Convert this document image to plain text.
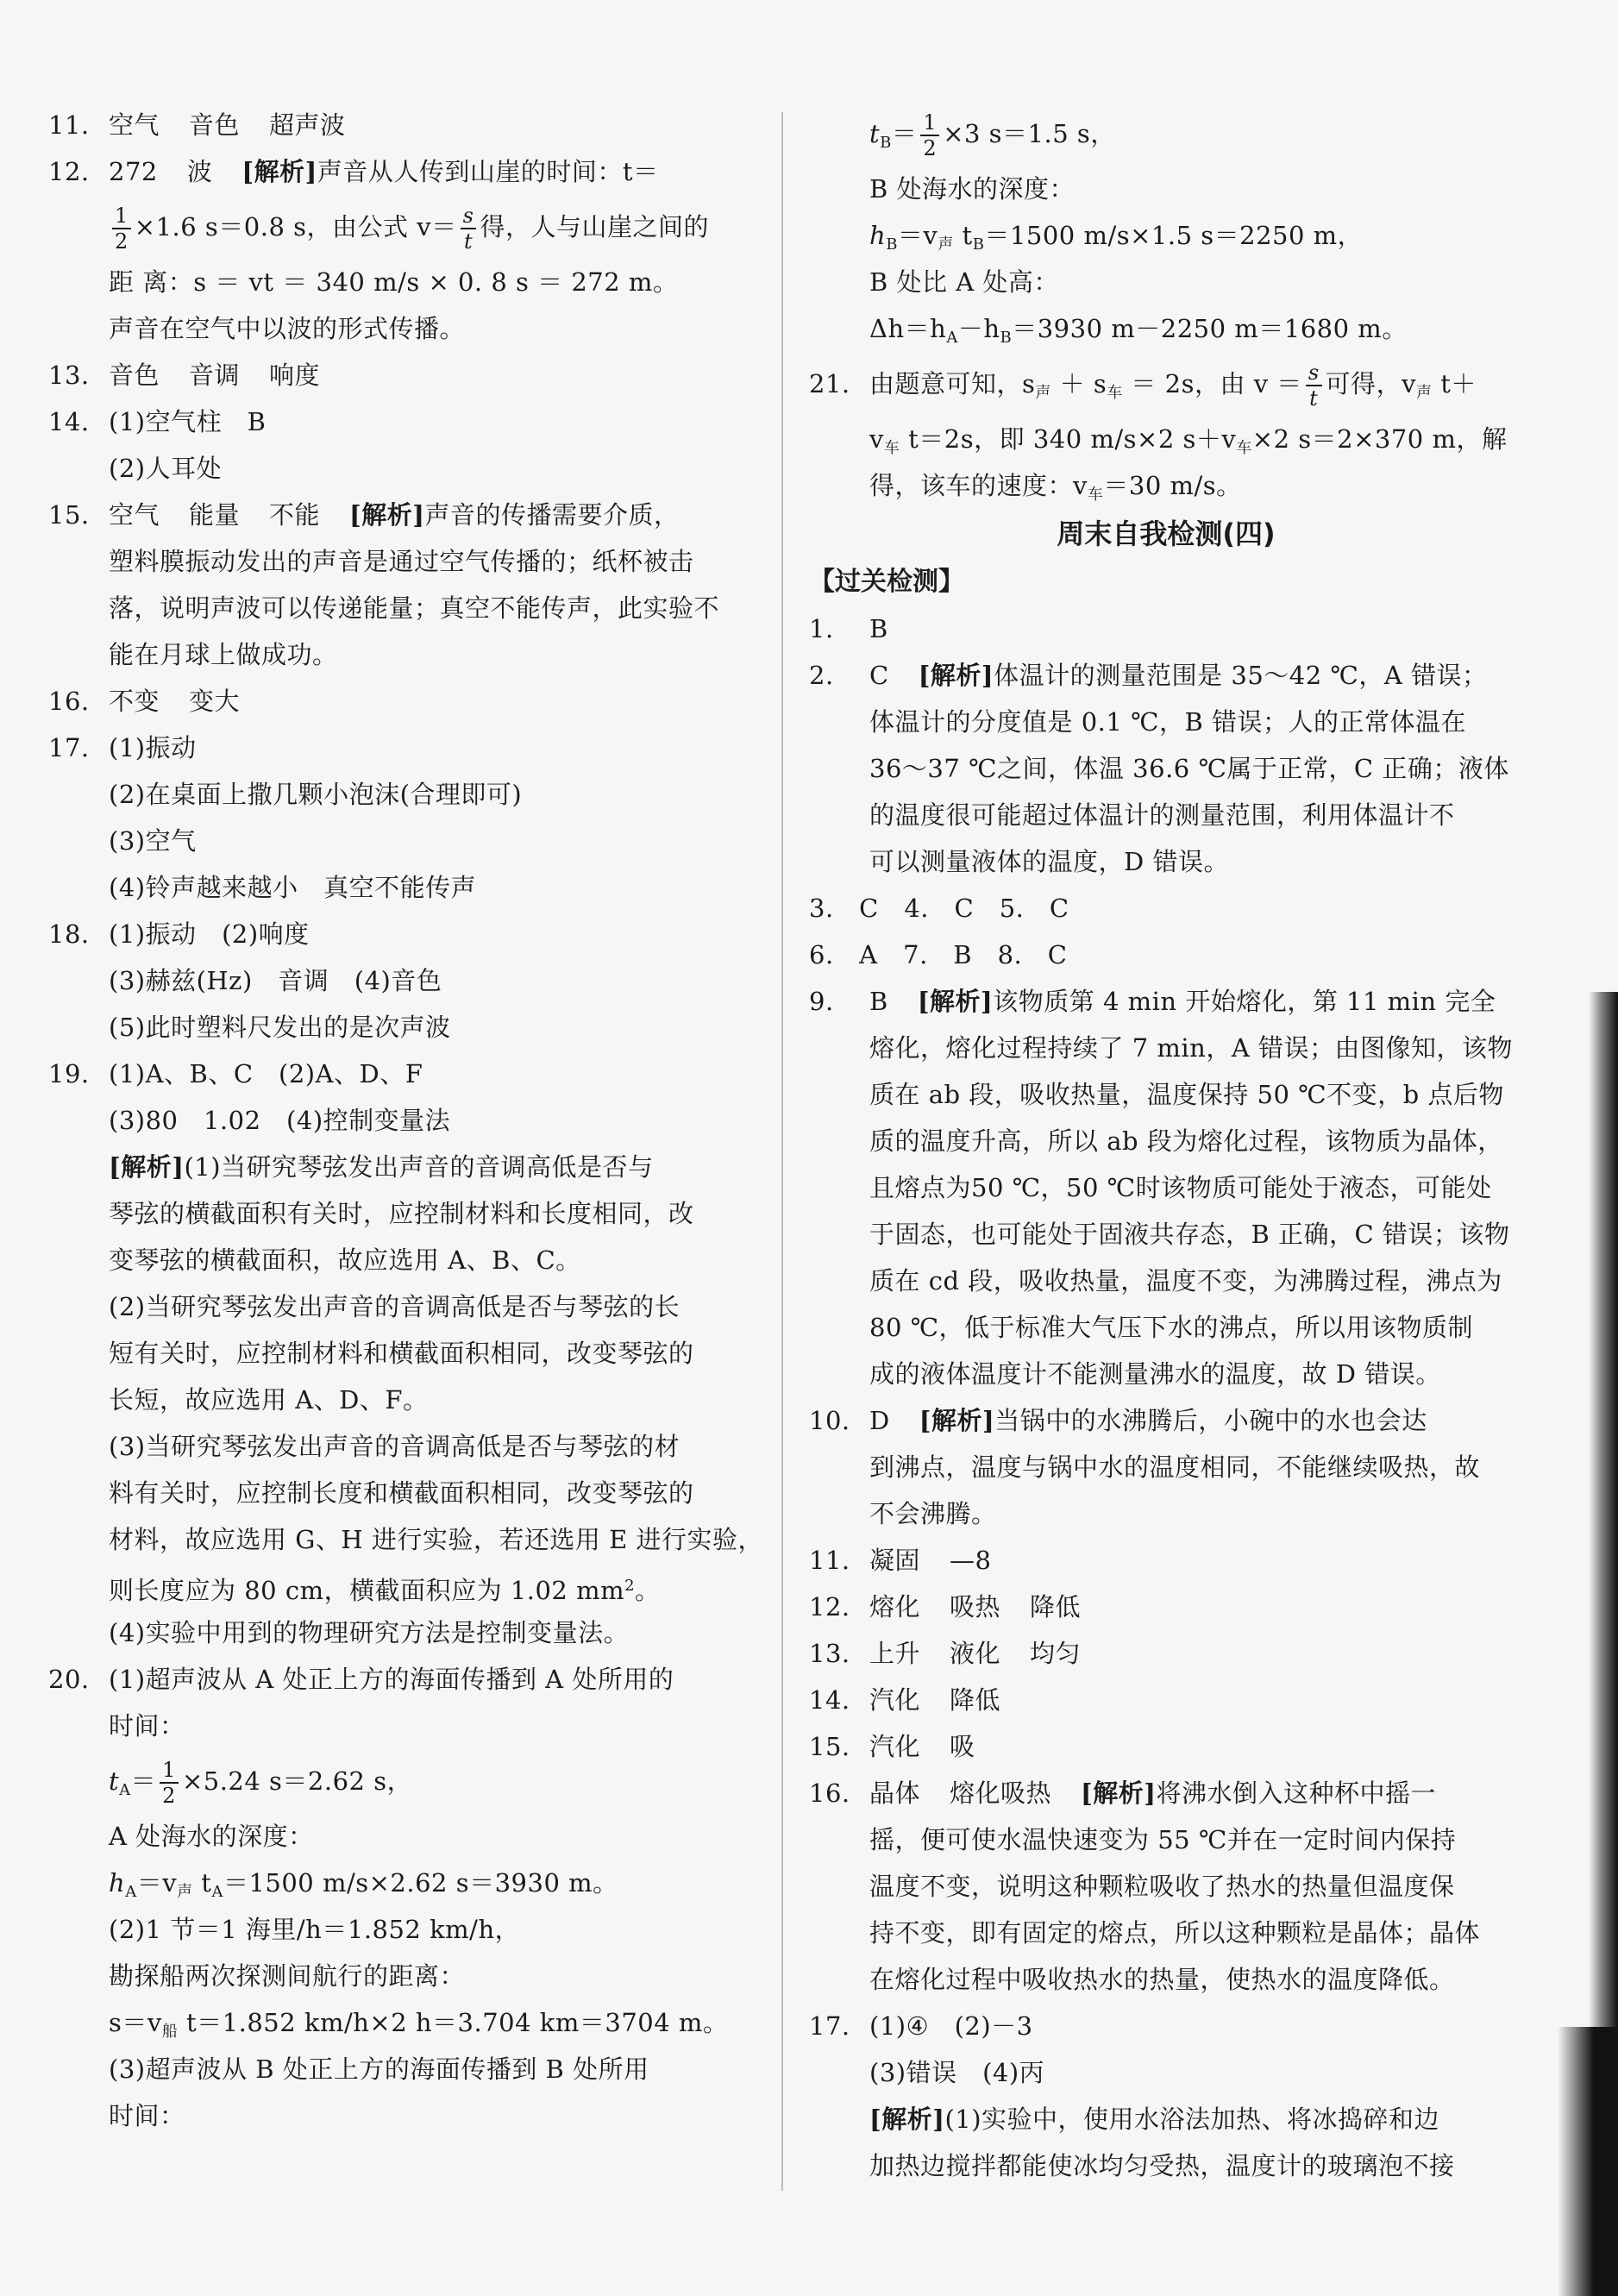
11. 空气 音色 超声波
12. 272 波 [解析]声音从人传到山崖的时间：t＝
$\frac{1}{2} \times 1.6$ s＝0.8 s，由公式 $v= \frac{s}{t}$ 得，人与山崖之间的
距 离：s ＝ vt ＝ 340 m/s × 0. 8 s ＝ 272 m。
声音在空气中以波的形式传播。
13. 音色 音调 响度
14. (1)空气柱　B
(2)人耳处
15. 空气 能量 不能 [解析]声音的传播需要介质，
塑料膜振动发出的声音是通过空气传播的；纸杯被击
落，说明声波可以传递能量；真空不能传声，此实验不
能在月球上做成功。
16. 不变 变大
17. (1)振动
(2)在桌面上撒几颗小泡沫(合理即可)
(3)空气
(4)铃声越来越小　真空不能传声
18. (1)振动　(2)响度
(3)赫兹(Hz)　音调　(4)音色
(5)此时塑料尺发出的是次声波
19. (1)A、B、C　(2)A、D、F
(3)80　1.02　(4)控制变量法
[解析](1)当研究琴弦发出声音的音调高低是否与
琴弦的横截面积有关时，应控制材料和长度相同，改
变琴弦的横截面积，故应选用 A、B、C。
(2)当研究琴弦发出声音的音调高低是否与琴弦的长
短有关时，应控制材料和横截面积相同，改变琴弦的
长短，故应选用 A、D、F。
(3)当研究琴弦发出声音的音调高低是否与琴弦的材
料有关时，应控制长度和横截面积相同，改变琴弦的
材料，故应选用 G、H 进行实验，若还选用 E 进行实验，
则长度应为 80 cm，横截面积应为 1.02 $mm^2$。
(4)实验中用到的物理研究方法是控制变量法。
20. (1)超声波从 A 处正上方的海面传播到 A 处所用的
时间：
$t_A= \frac{1}{2} \times 5.24$ s＝2.62 s，
A 处海水的深度：
$h_A=v_声$ $t_A=1500$ m/s×2.62 s＝3930 m。
(2)1 节＝1 海里/h＝1.852 km/h，
勘探船两次探测间航行的距离：
$s=v_船$ t＝1.852 km/h×2 h＝3.704 km＝3704 m。
(3)超声波从 B 处正上方的海面传播到 B 处所用
时间：
$t_B= \frac{1}{2} \times 3$ s＝1.5 s，
B 处海水的深度：
$h_B=v_声$ $t_B=1500$ m/s×1.5 s＝2250 m，
B 处比 A 处高：
$\Delta h=h_A-h_B=3930$ m－2250 m＝1680 m。
21. 由题意可知，$s_声 + s_车 = 2s$，由 $v = \frac{s}{t}$ 可得，$v_声$ t＋
$v_车$ t＝2s，即 340 m/s×2 $s+v_车\times 2$ s＝2×370 m，解
得，该车的速度：$v_车=30$ m/s。
周末自我检测(四)
【过关检测】
1. B
2. C [解析]体温计的测量范围是 35～42 ℃，A 错误；
体温计的分度值是 0.1 ℃，B 错误；人的正常体温在
36～37 ℃之间，体温 36.6 ℃属于正常，C 正确；液体
的温度很可能超过体温计的测量范围，利用体温计不
可以测量液体的温度，D 错误。
3.　C　4.　C　5.　C
6.　A　7.　B　8.　C
9. B [解析]该物质第 4 min 开始熔化，第 11 min 完全
熔化，熔化过程持续了 7 min，A 错误；由图像知，该物
质在 ab 段，吸收热量，温度保持 50 ℃不变，b 点后物
质的温度升高，所以 ab 段为熔化过程，该物质为晶体，
且熔点为50 ℃，50 ℃时该物质可能处于液态，可能处
于固态，也可能处于固液共存态，B 正确，C 错误；该物
质在 cd 段，吸收热量，温度不变，为沸腾过程，沸点为
80 ℃，低于标准大气压下水的沸点，所以用该物质制
成的液体温度计不能测量沸水的温度，故 D 错误。
10. D [解析]当锅中的水沸腾后，小碗中的水也会达
到沸点，温度与锅中水的温度相同，不能继续吸热，故
不会沸腾。
11. 凝固 —8
12. 熔化 吸热 降低
13. 上升 液化 均匀
14. 汽化 降低
15. 汽化 吸
16. 晶体 熔化吸热 [解析]将沸水倒入这种杯中摇一
摇，便可使水温快速变为 55 ℃并在一定时间内保持
温度不变，说明这种颗粒吸收了热水的热量但温度保
持不变，即有固定的熔点，所以这种颗粒是晶体；晶体
在熔化过程中吸收热水的热量，使热水的温度降低。
17. (1)④　(2)－3
(3)错误　(4)丙
[解析](1)实验中，使用水浴法加热、将冰捣碎和边
加热边搅拌都能使冰均匀受热，温度计的玻璃泡不接
